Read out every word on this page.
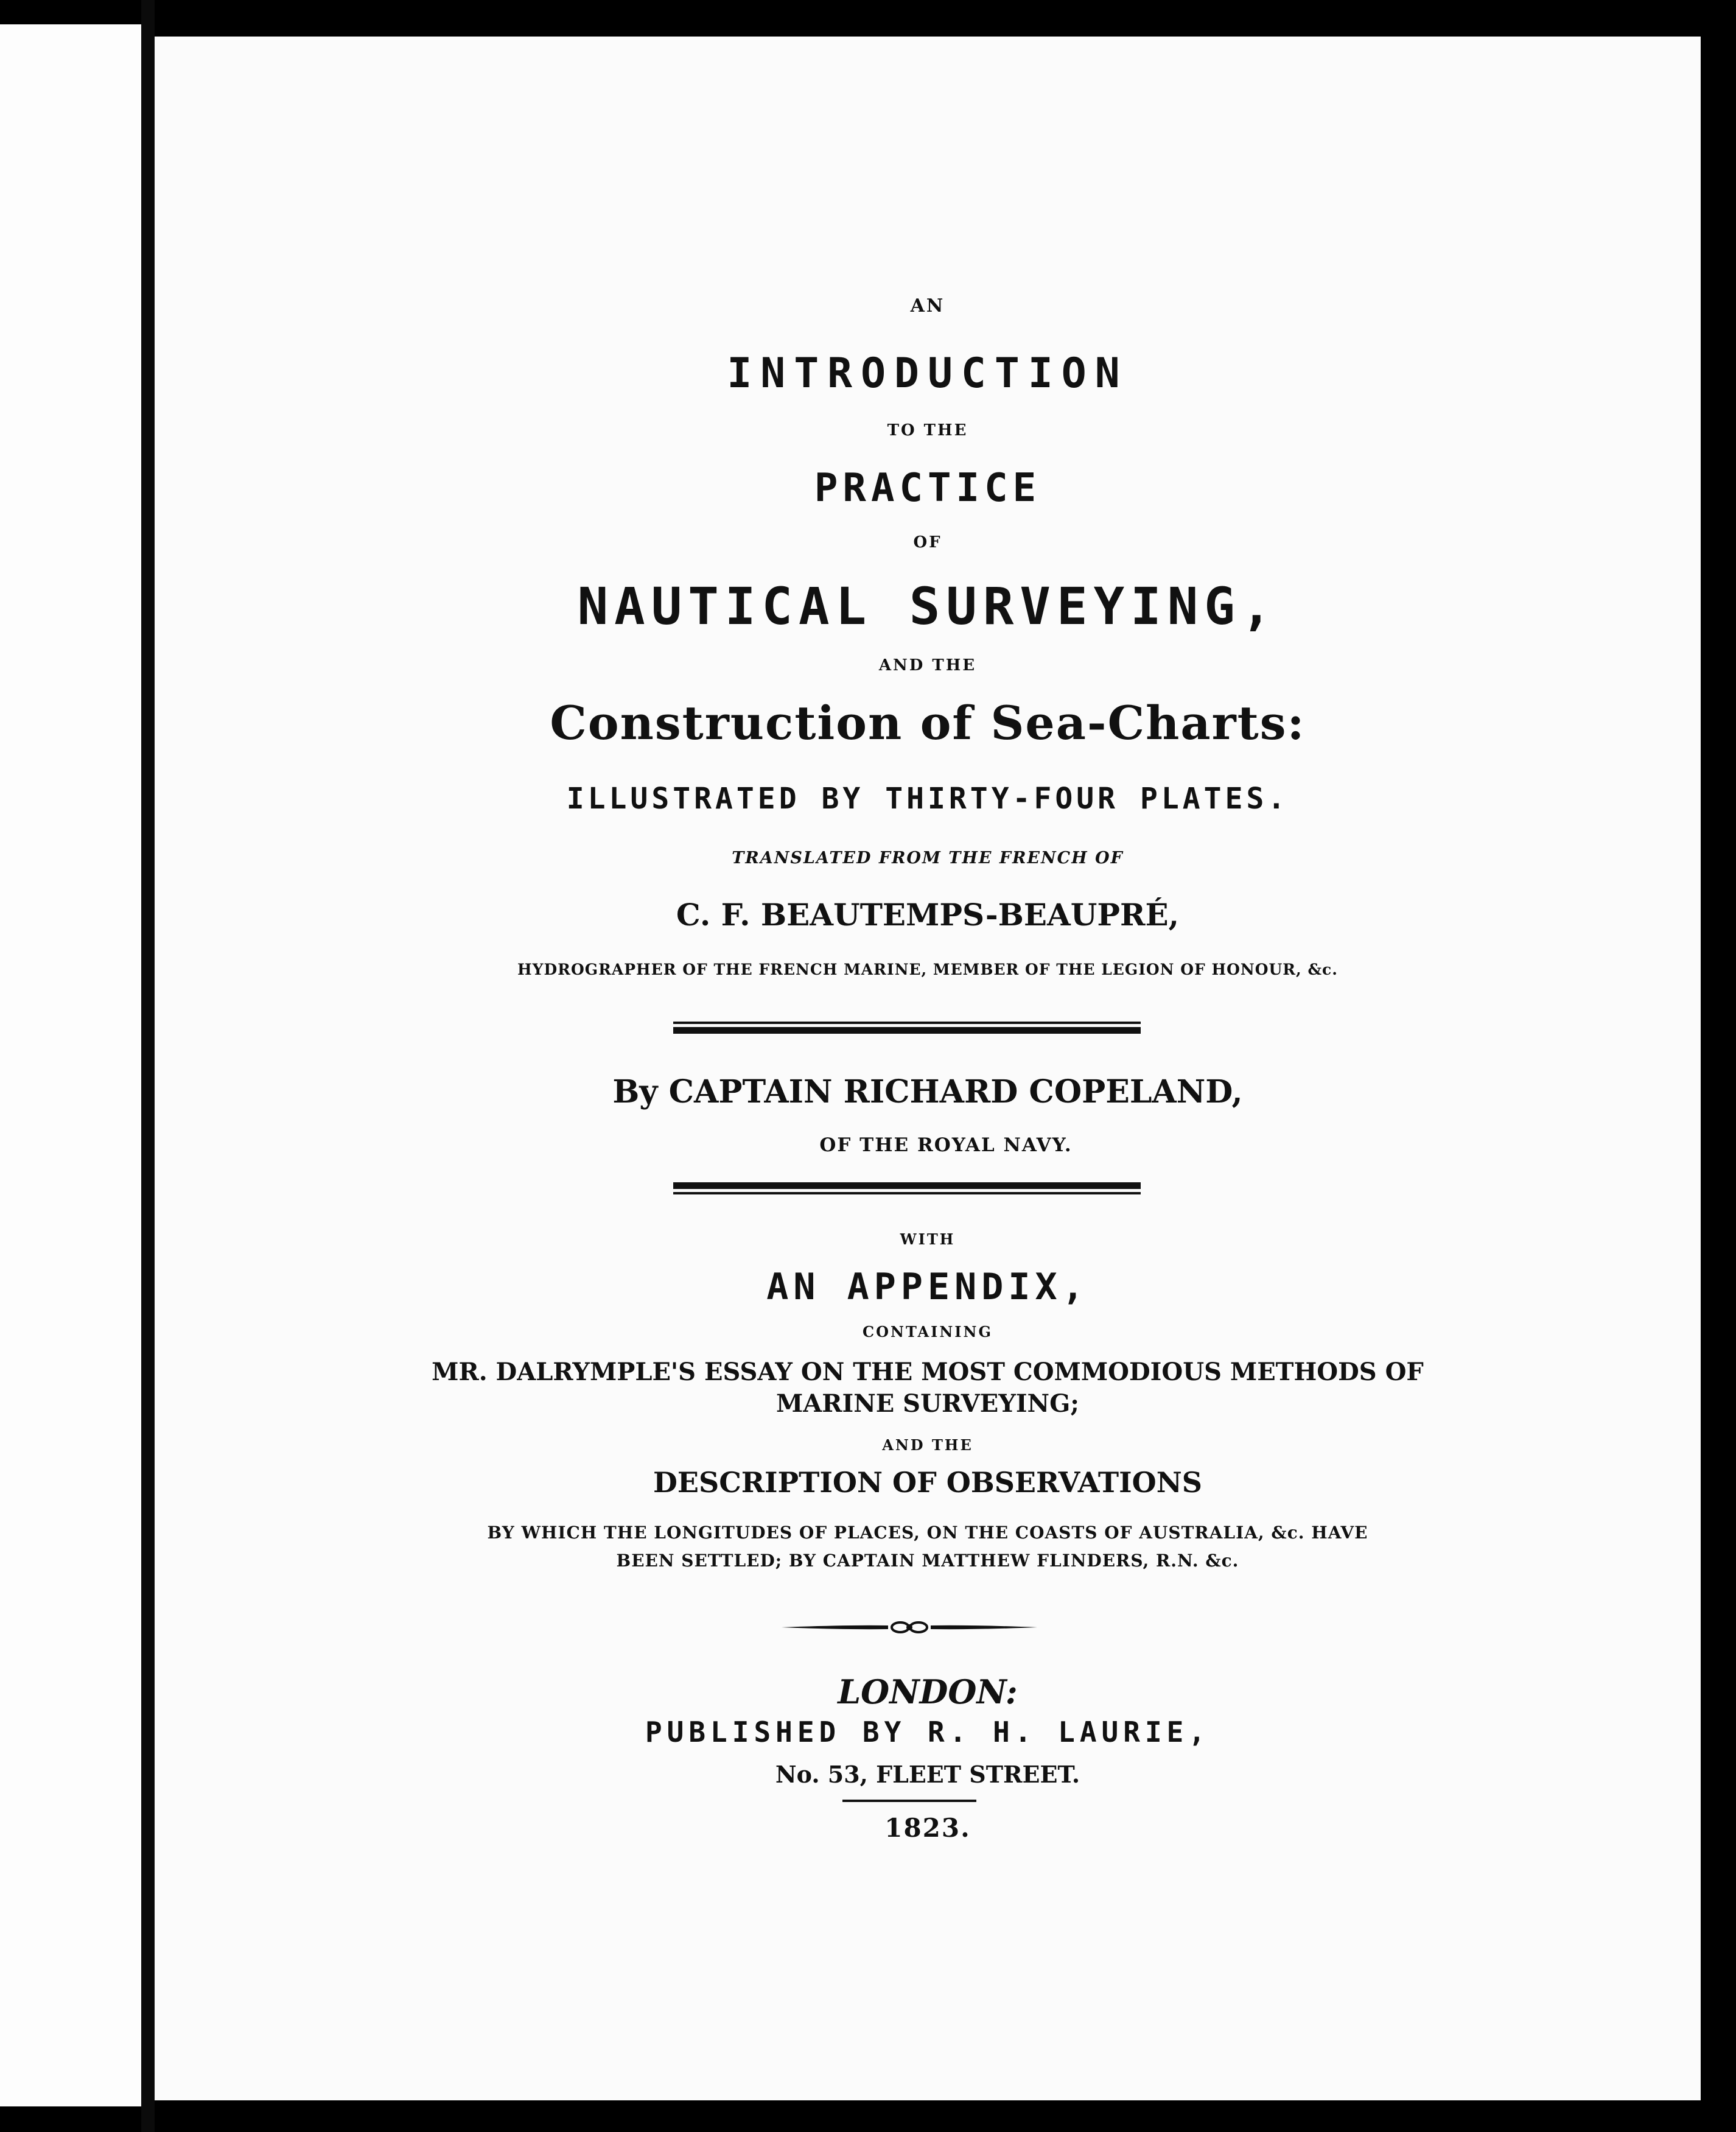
AN

INTRODUCTION

TO THE

PRACTICE

OF

NAUTICAL SURVEYING,

AND THE

Construction of Sea-Charts:

ILLUSTRATED BY THIRTY-FOUR PLATES.

TRANSLATED FROM THE FRENCH OF

C. F. BEAUTEMPS-BEAUPRÉ,

HYDROGRAPHER OF THE FRENCH MARINE, MEMBER OF THE LEGION OF HONOUR, &c.

By CAPTAIN RICHARD COPELAND,

OF THE ROYAL NAVY.

WITH

AN APPENDIX,

CONTAINING

MR. DALRYMPLE'S ESSAY ON THE MOST COMMODIOUS METHODS OF

MARINE SURVEYING;

AND THE

DESCRIPTION OF OBSERVATIONS

BY WHICH THE LONGITUDES OF PLACES, ON THE COASTS OF AUSTRALIA, &c. HAVE

BEEN SETTLED; BY CAPTAIN MATTHEW FLINDERS, R.N. &c.

LONDON:

PUBLISHED BY R. H. LAURIE,

No. 53, FLEET STREET.

1823.
